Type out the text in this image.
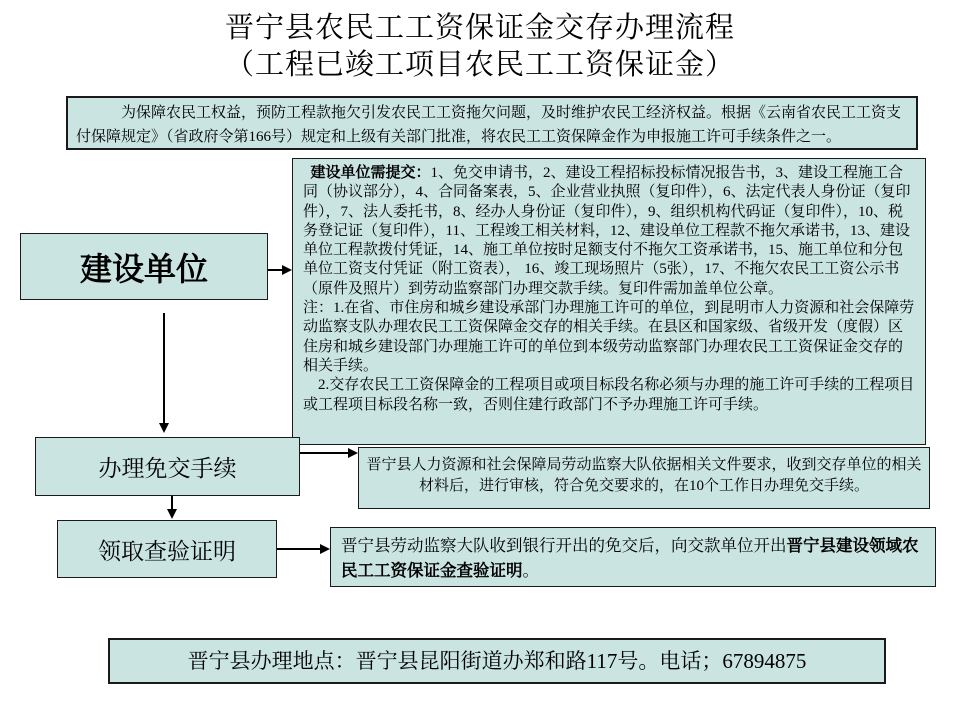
晋宁县农民工工资保证金交存办理流程
（工程已竣工项目农民工工资保证金）
为保障农民工权益，预防工程款拖欠引发农民工工资拖欠问题，及时维护农民工经济权益。根据《云南省农民工工资支付保障规定》（省政府令第166号）规定和上级有关部门批准，将农民工工资保障金作为申报施工许可手续条件之一。

建设单位需提交：1、免交申请书，2、建设工程招标投标情况报告书，3、建设工程施工合同（协议部分），4、合同备案表，5、企业营业执照（复印件），6、法定代表人身份证（复印件），7、法人委托书，8、经办人身份证（复印件），9、组织机构代码证（复印件），10、税务登记证（复印件），11、工程竣工相关材料，12、建设单位工程款不拖欠承诺书，13、建设单位工程款拨付凭证，14、施工单位按时足额支付不拖欠工资承诺书，15、施工单位和分包单位工资支付凭证（附工资表）， 16、竣工现场照片（5张），17、不拖欠农民工工资公示书（原件及照片）到劳动监察部门办理交款手续。复印件需加盖单位公章。

注：1.在省、市住房和城乡建设承部门办理施工许可的单位，到昆明市人力资源和社会保障劳动监察支队办理农民工工资保障金交存的相关手续。在县区和国家级、省级开发（度假）区住房和城乡建设部门办理施工许可的单位到本级劳动监察部门办理农民工工资保证金交存的相关手续。

2.交存农民工工资保障金的工程项目或项目标段名称必须与办理的施工许可手续的工程项目或工程项目标段名称一致，否则住建行政部门不予办理施工许可手续。

建设单位
办理免交手续
领取查验证明
晋宁县人力资源和社会保障局劳动监察大队依据相关文件要求，收到交存单位的相关材料后，进行审核，符合免交要求的，在10个工作日办理免交手续。
晋宁县劳动监察大队收到银行开出的免交后，向交款单位开出晋宁县建设领域农民工工资保证金查验证明。
晋宁县办理地点：晋宁县昆阳街道办郑和路117号。电话；67894875
